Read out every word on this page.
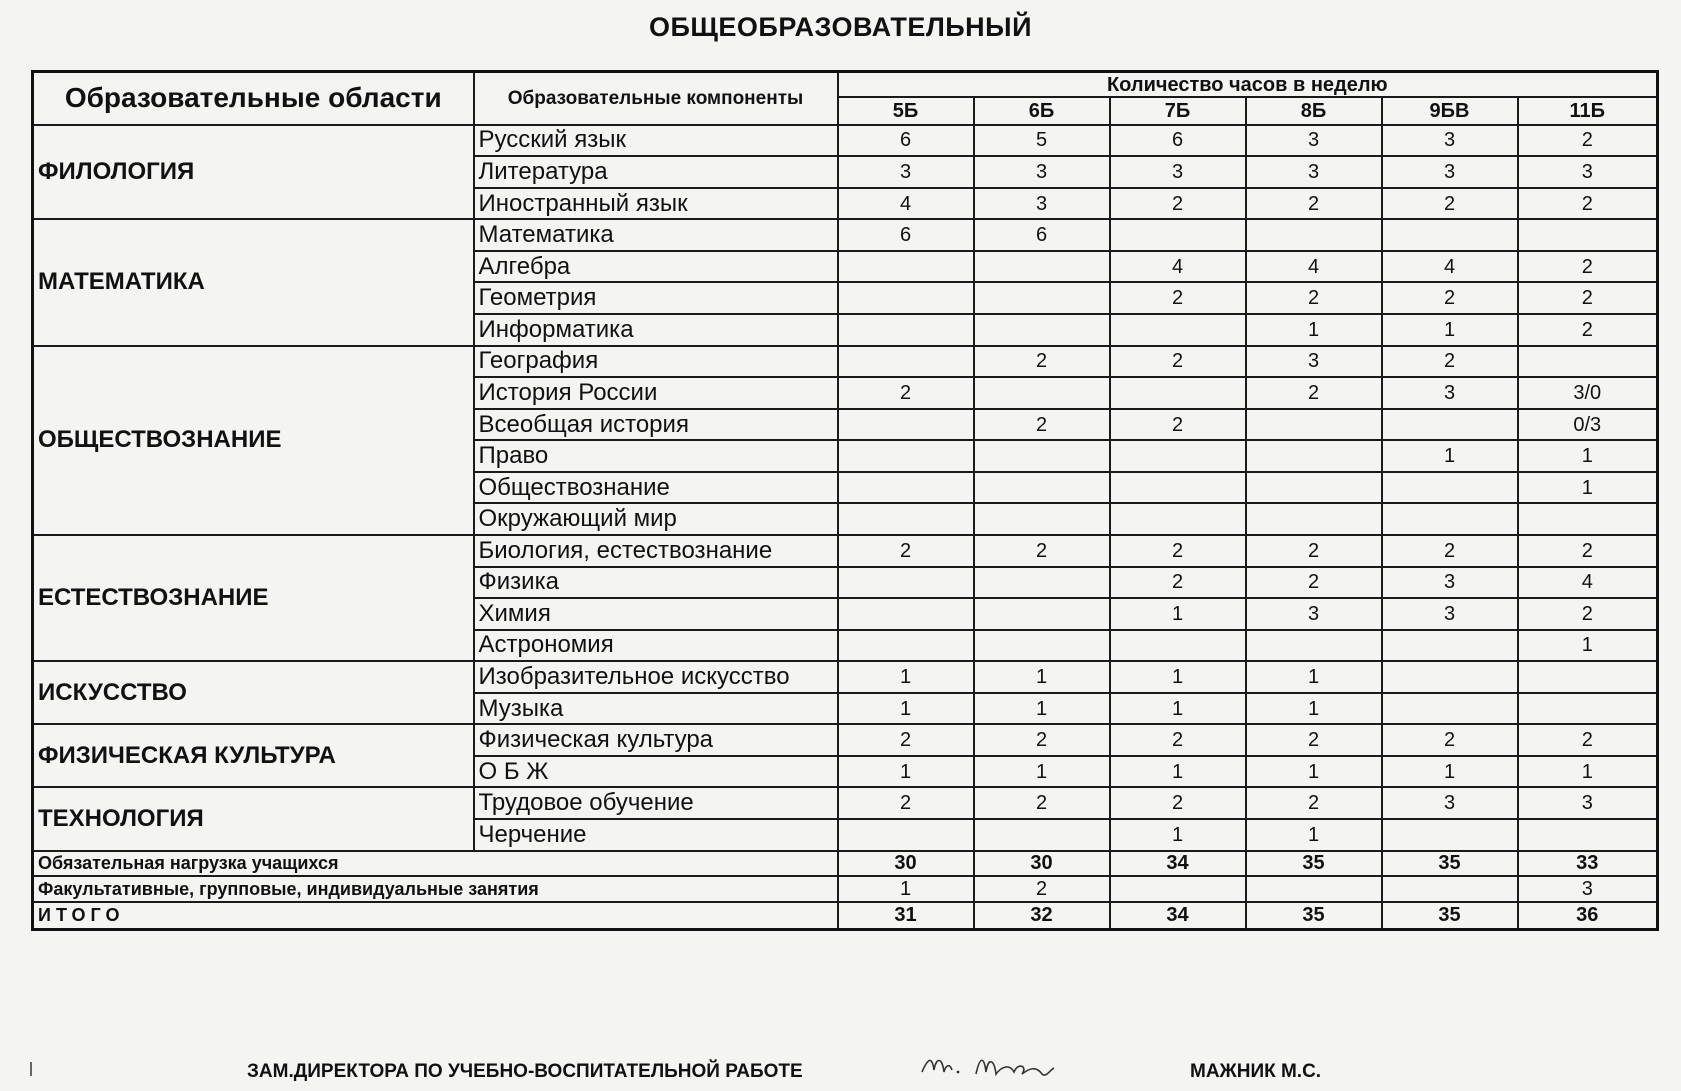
ОБЩЕОБРАЗОВАТЕЛЬНЫЙ
Образовательные области	Образовательные компоненты	Количество часов в неделю					
		5Б	6Б	7Б	8Б	9БВ	11Б
ФИЛОЛОГИЯ	Русский язык	6	5	6	3	3	2
	Литература	3	3	3	3	3	3
	Иностранный язык	4	3	2	2	2	2
МАТЕМАТИКА	Математика	6	6				
	Алгебра			4	4	4	2
	Геометрия			2	2	2	2
	Информатика				1	1	2
ОБЩЕСТВОЗНАНИЕ	География		2	2	3	2	
	История России	2			2	3	3/0
	Всеобщая история		2	2			0/3
	Право					1	1
	Обществознание						1
	Окружающий мир						
ЕСТЕСТВОЗНАНИЕ	Биология, естествознание	2	2	2	2	2	2
	Физика			2	2	3	4
	Химия			1	3	3	2
	Астрономия						1
ИСКУССТВО	Изобразительное искусство	1	1	1	1		
	Музыка	1	1	1	1		
ФИЗИЧЕСКАЯ КУЛЬТУРА	Физическая культура	2	2	2	2	2	2
	О Б Ж	1	1	1	1	1	1
ТЕХНОЛОГИЯ	Трудовое обучение	2	2	2	2	3	3
	Черчение			1	1		
Обязательная нагрузка учащихся		30	30	34	35	35	33
Факультативные, групповые, индивидуальные занятия		1	2				3
ИТОГО		31	32	34	35	35	36
ЗАМ.ДИРЕКТОРА ПО УЧЕБНО-ВОСПИТАТЕЛЬНОЙ РАБОТЕ	МАЖНИК М.С.
